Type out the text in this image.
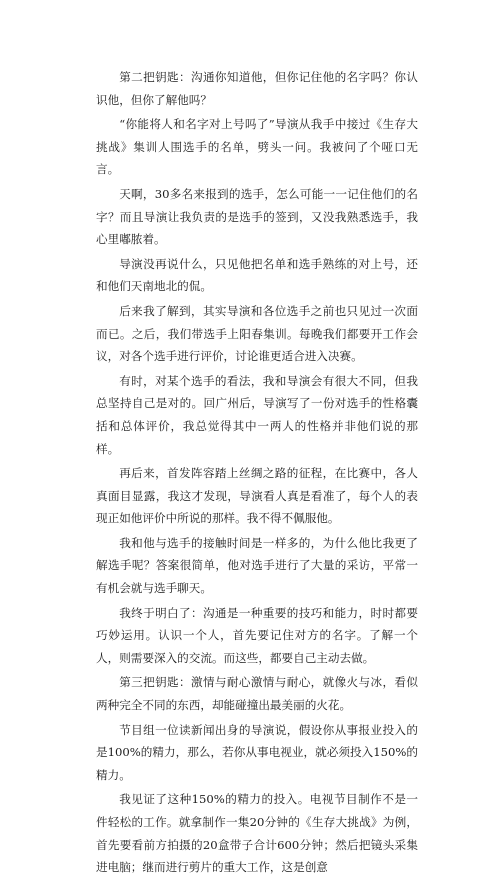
第二把钥匙：沟通你知道他，但你记住他的名字吗？你认识他，但你了解他吗？

“你能将人和名字对上号吗了”导演从我手中接过《生存大挑战》集训人围选手的名单，劈头一问。我被问了个哑口无言。

天啊，30多名来报到的选手，怎么可能一一记住他们的名字？而且导演让我负责的是选手的签到，又没我熟悉选手，我心里嘟脓着。

导演没再说什么，只见他把名单和选手熟练的对上号，还和他们天南地北的侃。

后来我了解到，其实导演和各位选手之前也只见过一次面而已。之后，我们带选手上阳春集训。每晚我们都要开工作会议，对各个选手进行评价，讨论谁更适合进入决赛。

有时，对某个选手的看法，我和导演会有很大不同，但我总坚持自己是对的。回广州后，导演写了一份对选手的性格囊括和总体评价，我总觉得其中一两人的性格并非他们说的那样。

再后来，首发阵容踏上丝绸之路的征程，在比赛中，各人真面目显露，我这才发现，导演看人真是看准了，每个人的表现正如他评价中所说的那样。我不得不佩服他。

我和他与选手的接触时间是一样多的，为什么他比我更了解选手呢？答案很简单，他对选手进行了大量的采访，平常一有机会就与选手聊天。

我终于明白了：沟通是一种重要的技巧和能力，时时都要巧妙运用。认识一个人，首先要记住对方的名字。了解一个人，则需要深入的交流。而这些，都要自己主动去做。

第三把钥匙：激情与耐心激情与耐心，就像火与冰，看似两种完全不同的东西，却能碰撞出最美丽的火花。

节目组一位读新闻出身的导演说，假设你从事报业投入的是100%的精力，那么，若你从事电视业，就必须投入150%的精力。

我见证了这种150%的精力的投入。电视节目制作不是一件轻松的工作。就拿制作一集20分钟的《生存大挑战》为例，首先要看前方拍摄的20盒带子合计600分钟；然后把镜头采集进电脑；继而进行剪片的重大工作，这是创意
